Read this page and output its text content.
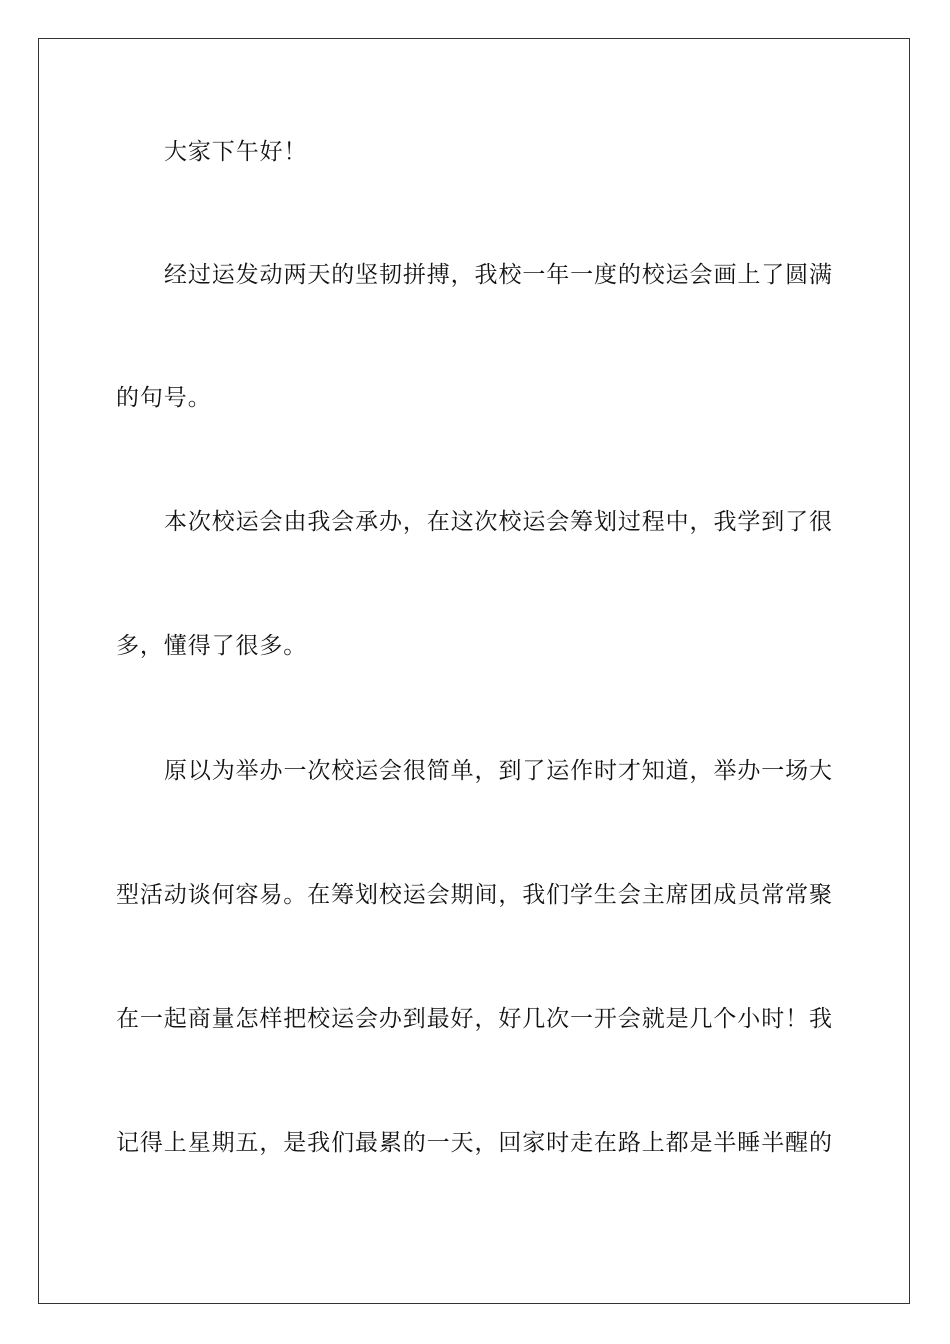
大家下午好！
经过运发动两天的坚韧拼搏，我校一年一度的校运会画上了圆满
的句号。
本次校运会由我会承办，在这次校运会筹划过程中，我学到了很
多，懂得了很多。
原以为举办一次校运会很简单，到了运作时才知道，举办一场大
型活动谈何容易。在筹划校运会期间，我们学生会主席团成员常常聚
在一起商量怎样把校运会办到最好，好几次一开会就是几个小时！我
记得上星期五，是我们最累的一天，回家时走在路上都是半睡半醒的
